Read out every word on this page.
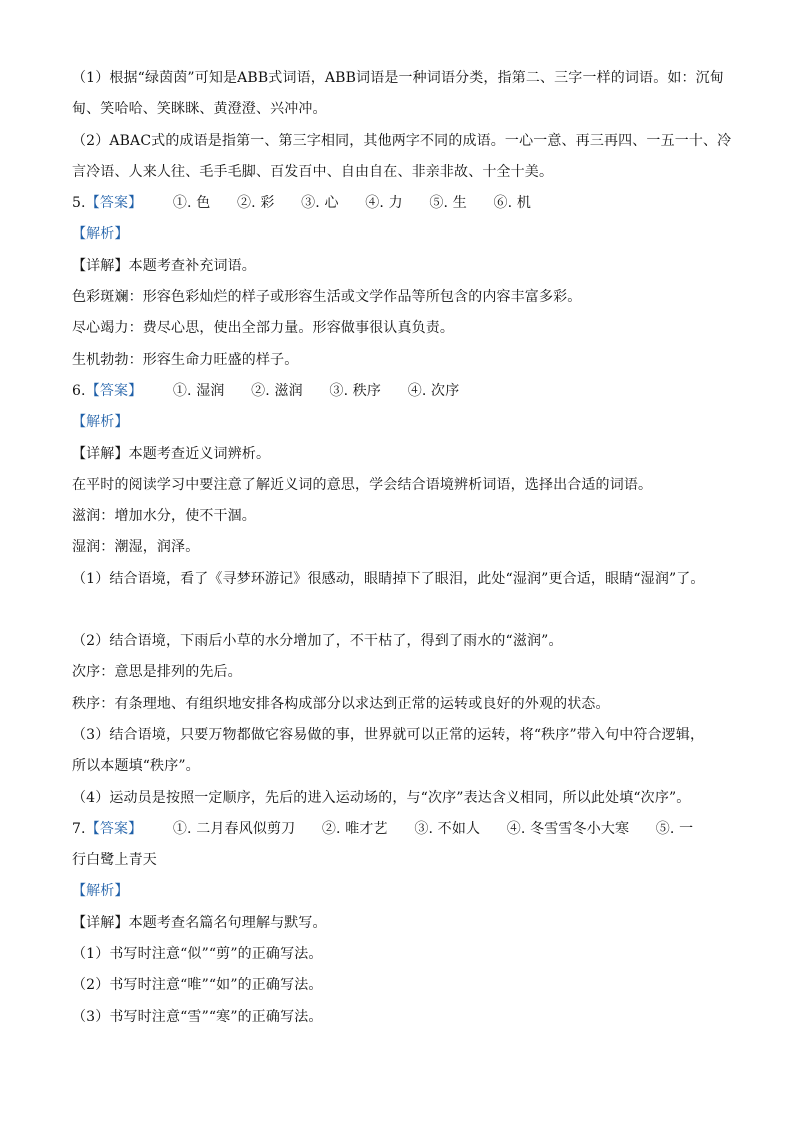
（1）根据“绿茵茵”可知是ABB式词语，ABB词语是一种词语分类，指第二、三字一样的词语。如：沉甸
甸、笑哈哈、笑眯眯、黄澄澄、兴冲冲。
（2）ABAC式的成语是指第一、第三字相同，其他两字不同的成语。一心一意、再三再四、一五一十、冷
言冷语、人来人往、毛手毛脚、百发百中、自由自在、非亲非故、十全十美。
5.【答案】 ①. 色 ②. 彩 ③. 心 ④. 力 ⑤. 生 ⑥. 机
【解析】
【详解】本题考查补充词语。
色彩斑斓：形容色彩灿烂的样子或形容生活或文学作品等所包含的内容丰富多彩。
尽心竭力：费尽心思，使出全部力量。形容做事很认真负责。
生机勃勃：形容生命力旺盛的样子。
6.【答案】 ①. 湿润 ②. 滋润 ③. 秩序 ④. 次序
【解析】
【详解】本题考查近义词辨析。
在平时的阅读学习中要注意了解近义词的意思，学会结合语境辨析词语，选择出合适的词语。
滋润：增加水分，使不干涸。
湿润：潮湿，润泽。
（1）结合语境，看了《寻梦环游记》很感动，眼睛掉下了眼泪，此处“湿润”更合适，眼睛“湿润”了。
（2）结合语境，下雨后小草的水分增加了，不干枯了，得到了雨水的“滋润”。
次序：意思是排列的先后。
秩序：有条理地、有组织地安排各构成部分以求达到正常的运转或良好的外观的状态。
（3）结合语境，只要万物都做它容易做的事，世界就可以正常的运转，将“秩序”带入句中符合逻辑，
所以本题填“秩序”。
（4）运动员是按照一定顺序，先后的进入运动场的，与“次序”表达含义相同，所以此处填“次序”。
7.【答案】 ①. 二月春风似剪刀 ②. 唯才艺 ③. 不如人 ④. 冬雪雪冬小大寒 ⑤. 一
行白鹭上青天
【解析】
【详解】本题考查名篇名句理解与默写。
（1）书写时注意“似”“剪”的正确写法。
（2）书写时注意“唯”“如”的正确写法。
（3）书写时注意“雪”“寒”的正确写法。
